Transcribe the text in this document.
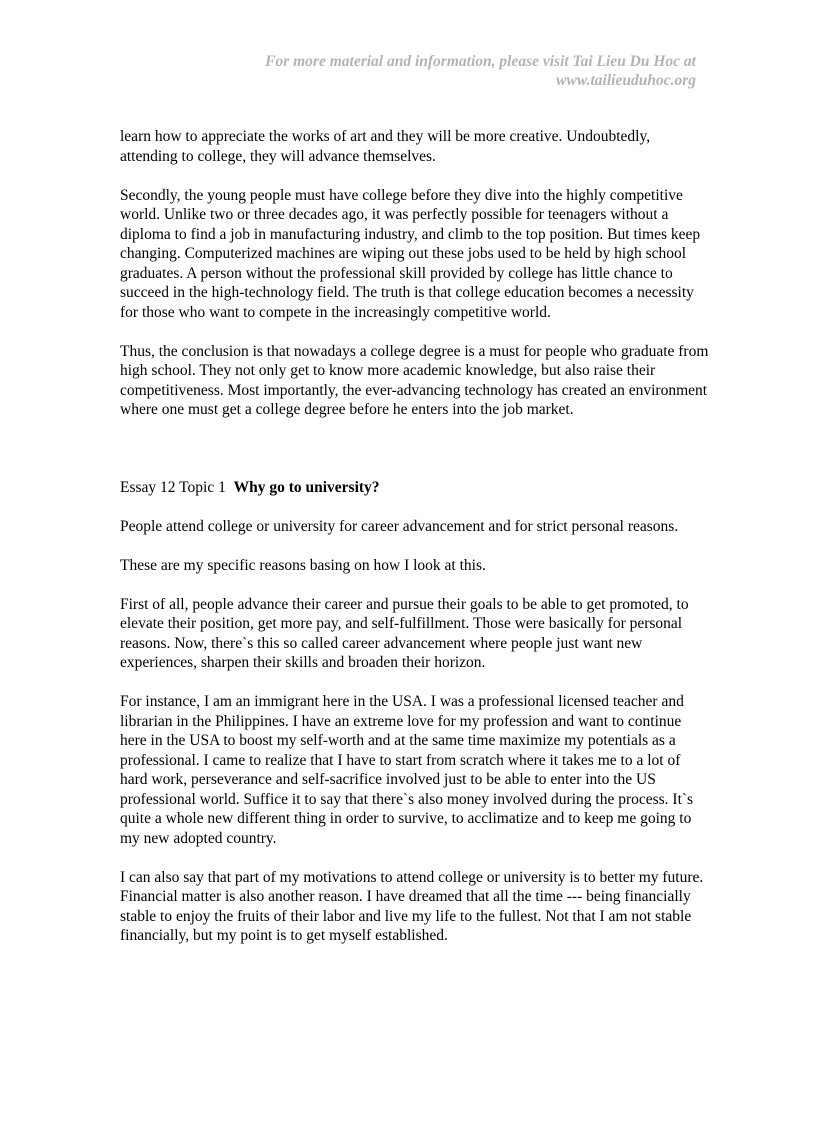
For more material and information, please visit Tai Lieu Du Hoc at
www.tailieuduhoc.org

learn how to appreciate the works of art and they will be more creative. Undoubtedly, attending to college, they will advance themselves.

Secondly, the young people must have college before they dive into the highly competitive world. Unlike two or three decades ago, it was perfectly possible for teenagers without a diploma to find a job in manufacturing industry, and climb to the top position. But times keep changing. Computerized machines are wiping out these jobs used to be held by high school graduates. A person without the professional skill provided by college has little chance to succeed in the high-technology field. The truth is that college education becomes a necessity for those who want to compete in the increasingly competitive world.

Thus, the conclusion is that nowadays a college degree is a must for people who graduate from high school. They not only get to know more academic knowledge, but also raise their competitiveness. Most importantly, the ever-advancing technology has created an environment where one must get a college degree before he enters into the job market.

Essay 12 Topic 1 Why go to university?

People attend college or university for career advancement and for strict personal reasons.

These are my specific reasons basing on how I look at this.

First of all, people advance their career and pursue their goals to be able to get promoted, to elevate their position, get more pay, and self-fulfillment. Those were basically for personal reasons. Now, there`s this so called career advancement where people just want new experiences, sharpen their skills and broaden their horizon.

For instance, I am an immigrant here in the USA. I was a professional licensed teacher and librarian in the Philippines. I have an extreme love for my profession and want to continue here in the USA to boost my self-worth and at the same time maximize my potentials as a professional. I came to realize that I have to start from scratch where it takes me to a lot of hard work, perseverance and self-sacrifice involved just to be able to enter into the US professional world. Suffice it to say that there`s also money involved during the process. It`s quite a whole new different thing in order to survive, to acclimatize and to keep me going to my new adopted country.

I can also say that part of my motivations to attend college or university is to better my future. Financial matter is also another reason. I have dreamed that all the time --- being financially stable to enjoy the fruits of their labor and live my life to the fullest. Not that I am not stable financially, but my point is to get myself established.
